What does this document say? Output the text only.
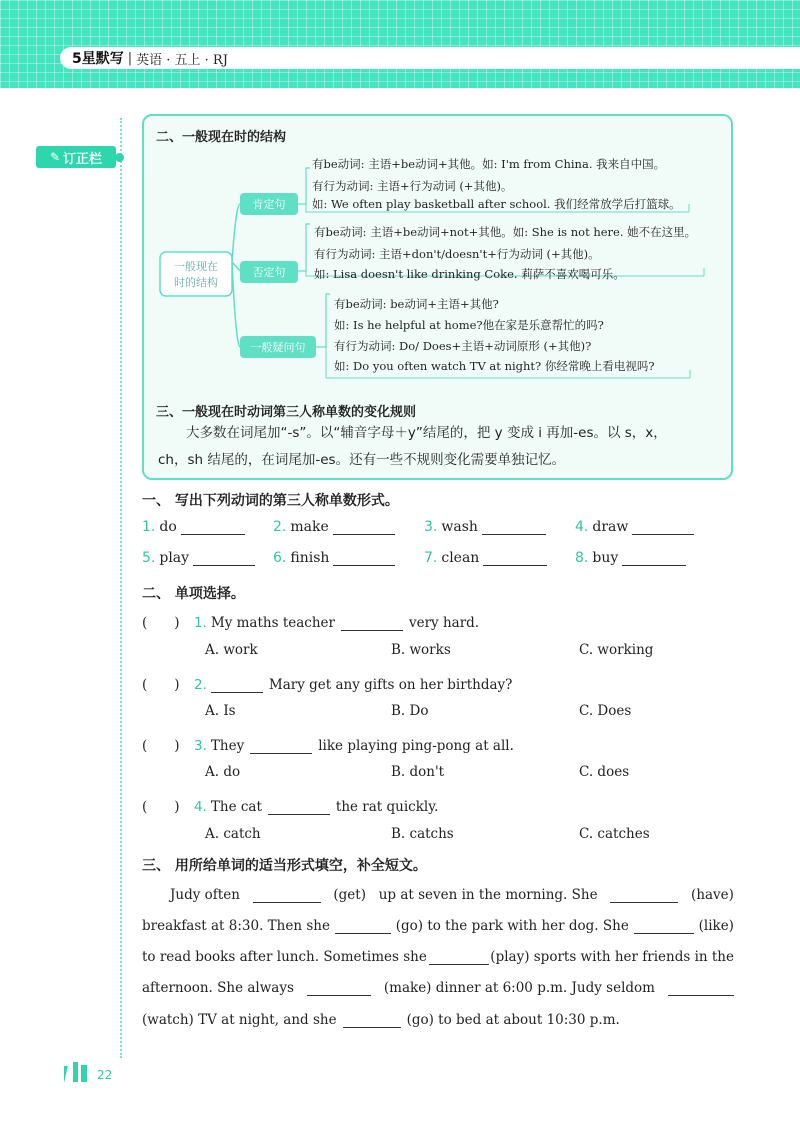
5星默写 | 英语 · 五上 · RJ
✎ 订正栏
二、一般现在时的结构
一般现在
时的结构
肯定句
否定句
一般疑问句
有be动词: 主语+be动词+其他。如: I'm from China. 我来自中国。
有行为动词: 主语+行为动词 (+其他)。
如: We often play basketball after school. 我们经常放学后打篮球。
有be动词: 主语+be动词+not+其他。如: She is not here. 她不在这里。
有行为动词: 主语+don't/doesn't+行为动词 (+其他)。
如: Lisa doesn't like drinking Coke. 莉萨不喜欢喝可乐。
有be动词: be动词+主语+其他?
如: Is he helpful at home?他在家是乐意帮忙的吗?
有行为动词: Do/ Does+主语+动词原形 (+其他)?
如: Do you often watch TV at night? 你经常晚上看电视吗?
三、一般现在时动词第三人称单数的变化规则
大多数在词尾加“-s”。以“辅音字母＋y”结尾的，把 y 变成 i 再加-es。以 s，x，
ch，sh 结尾的，在词尾加-es。还有一些不规则变化需要单独记忆。
一、 写出下列动词的第三人称单数形式。
1. do	2. make	3. wash	4. draw
5. play	6. finish	7. clean	8. buy
二、 单项选择。
(　　)	1. My maths teacher	very hard.
A. work	B. works	C. working
(　　)	2.	Mary get any gifts on her birthday?
A. Is	B. Do	C. Does
(　　)	3. They	like playing ping-pong at all.
A. do	B. don't	C. does
(　　)	4. The cat	the rat quickly.
A. catch	B. catchs	C. catches
三、 用所给单词的适当形式填空，补全短文。
Judy often	(get) up at seven in the morning. She	(have)
breakfast at 8:30. Then she	(go) to the park with her dog. She	(like)
to read books after lunch. Sometimes she	(play) sports with her friends in the
afternoon. She always	(make) dinner at 6:00 p.m. Judy seldom
(watch) TV at night, and she	(go) to bed at about 10:30 p.m.
22
